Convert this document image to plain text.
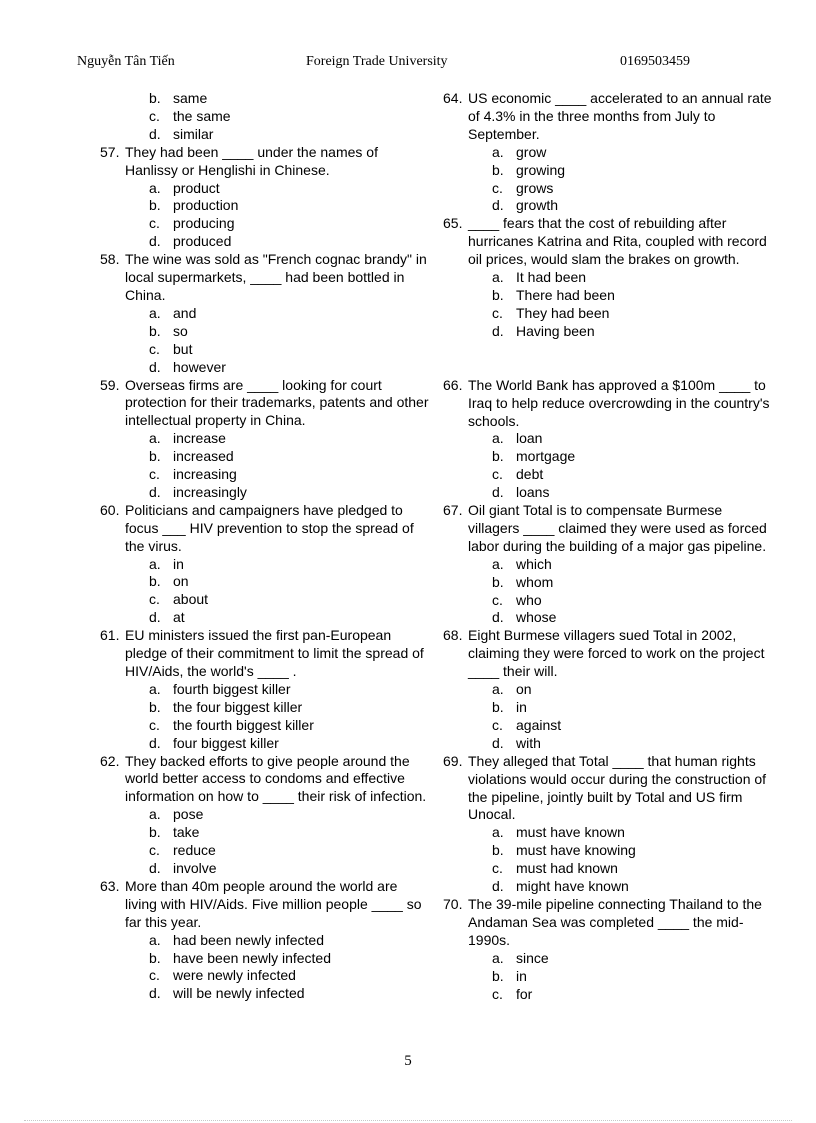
Nguyễn Tân Tiến	Foreign Trade University	0169503459
b. same
c. the same
d. similar
57. They had been ____ under the names of Hanlissy or Henglishi in Chinese.
a. product
b. production
c. producing
d. produced
58. The wine was sold as "French cognac brandy" in local supermarkets, ____ had been bottled in China.
a. and
b. so
c. but
d. however
59. Overseas firms are ____ looking for court protection for their trademarks, patents and other intellectual property in China.
a. increase
b. increased
c. increasing
d. increasingly
60. Politicians and campaigners have pledged to focus ___ HIV prevention to stop the spread of the virus.
a. in
b. on
c. about
d. at
61. EU ministers issued the first pan-European pledge of their commitment to limit the spread of HIV/Aids, the world's ____ .
a. fourth biggest killer
b. the four biggest killer
c. the fourth biggest killer
d. four biggest killer
62. They backed efforts to give people around the world better access to condoms and effective information on how to ____ their risk of infection.
a. pose
b. take
c. reduce
d. involve
63. More than 40m people around the world are living with HIV/Aids. Five million people ____ so far this year.
a. had been newly infected
b. have been newly infected
c. were newly infected
d. will be newly infected
64. US economic ____ accelerated to an annual rate of 4.3% in the three months from July to September.
a. grow
b. growing
c. grows
d. growth
65. ____ fears that the cost of rebuilding after hurricanes Katrina and Rita, coupled with record oil prices, would slam the brakes on growth.
a. It had been
b. There had been
c. They had been
d. Having been
66. The World Bank has approved a $100m ____ to Iraq to help reduce overcrowding in the country's schools.
a. loan
b. mortgage
c. debt
d. loans
67. Oil giant Total is to compensate Burmese villagers ____ claimed they were used as forced labor during the building of a major gas pipeline.
a. which
b. whom
c. who
d. whose
68. Eight Burmese villagers sued Total in 2002, claiming they were forced to work on the project ____ their will.
a. on
b. in
c. against
d. with
69. They alleged that Total ____ that human rights violations would occur during the construction of the pipeline, jointly built by Total and US firm Unocal.
a. must have known
b. must have knowing
c. must had known
d. might have known
70. The 39-mile pipeline connecting Thailand to the Andaman Sea was completed ____ the mid-1990s.
a. since
b. in
c. for
5
